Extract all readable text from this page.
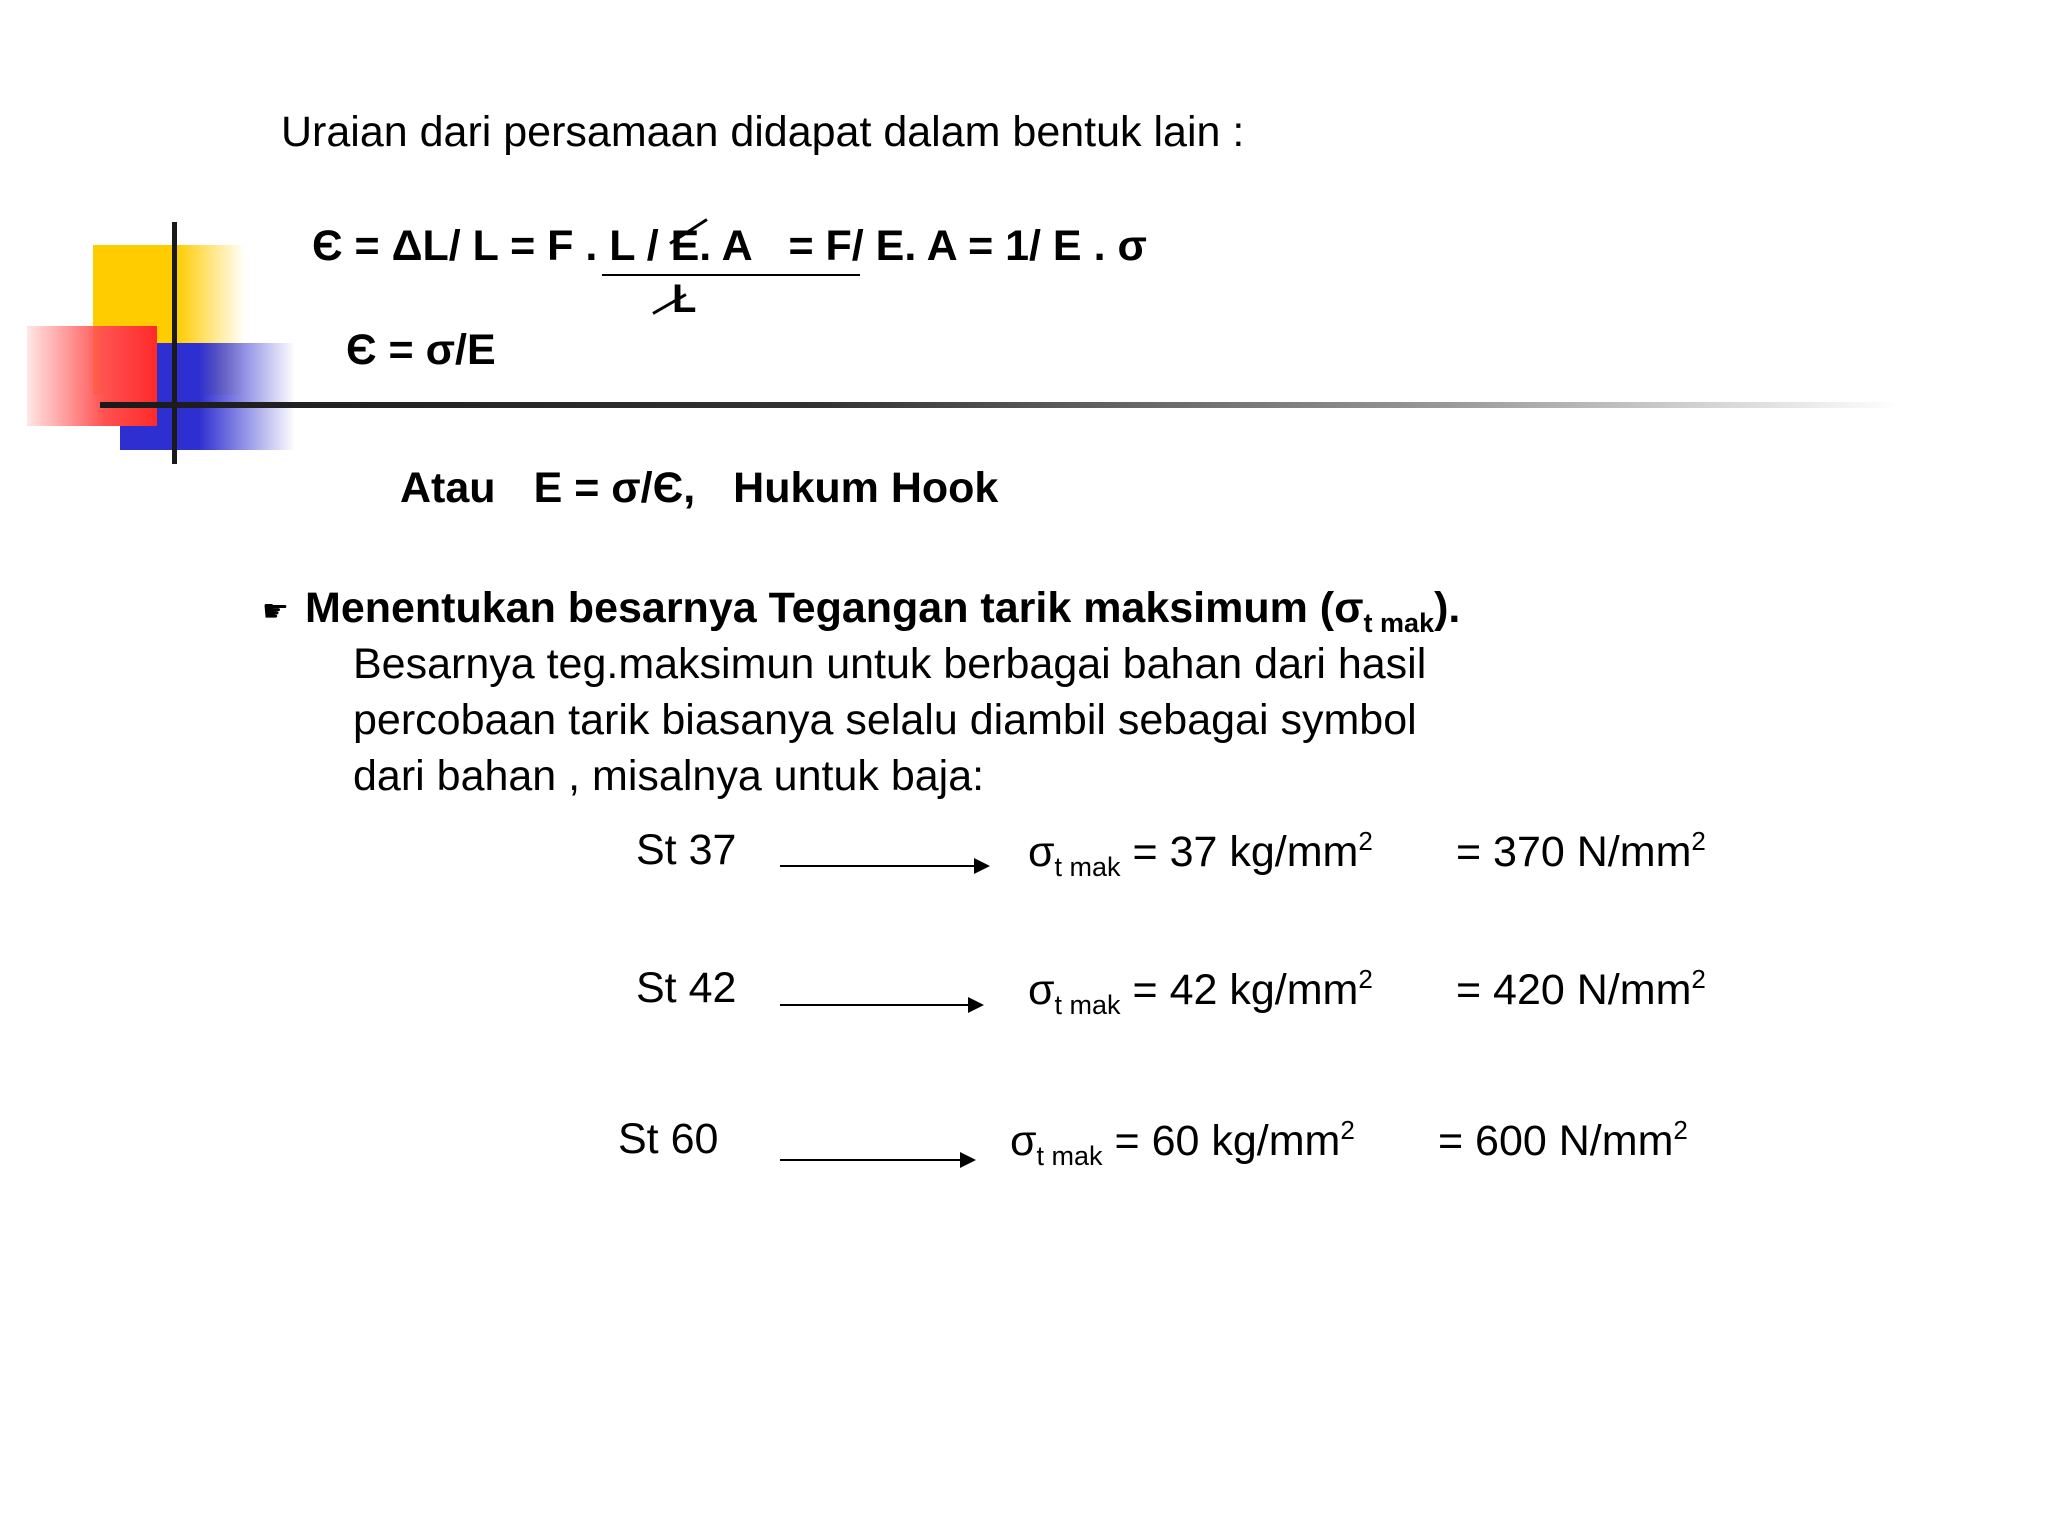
Uraian dari persamaan didapat dalam bentuk lain :
Є = ΔL/ L = F . L / E. A = F/ E. A = 1/ E . σ
L
Є = σ/E
Atau E = σ/Є, Hukum Hook
☛ Menentukan besarnya Tegangan tarik maksimum $(\sigma_{t mak})$.
Besarnya teg.maksimun untuk berbagai bahan dari hasil
percobaan tarik biasanya selalu diambil sebagai symbol
dari bahan , misalnya untuk baja:
St 37	$\sigma_{t mak} = 37$ $kg/mm^2 = 370$ $N/mm^2$
St 42	$\sigma_{t mak} = 42$ $kg/mm^2 = 420$ $N/mm^2$
St 60	$\sigma_{t mak} = 60$ $kg/mm^2 = 600$ $N/mm^2$
